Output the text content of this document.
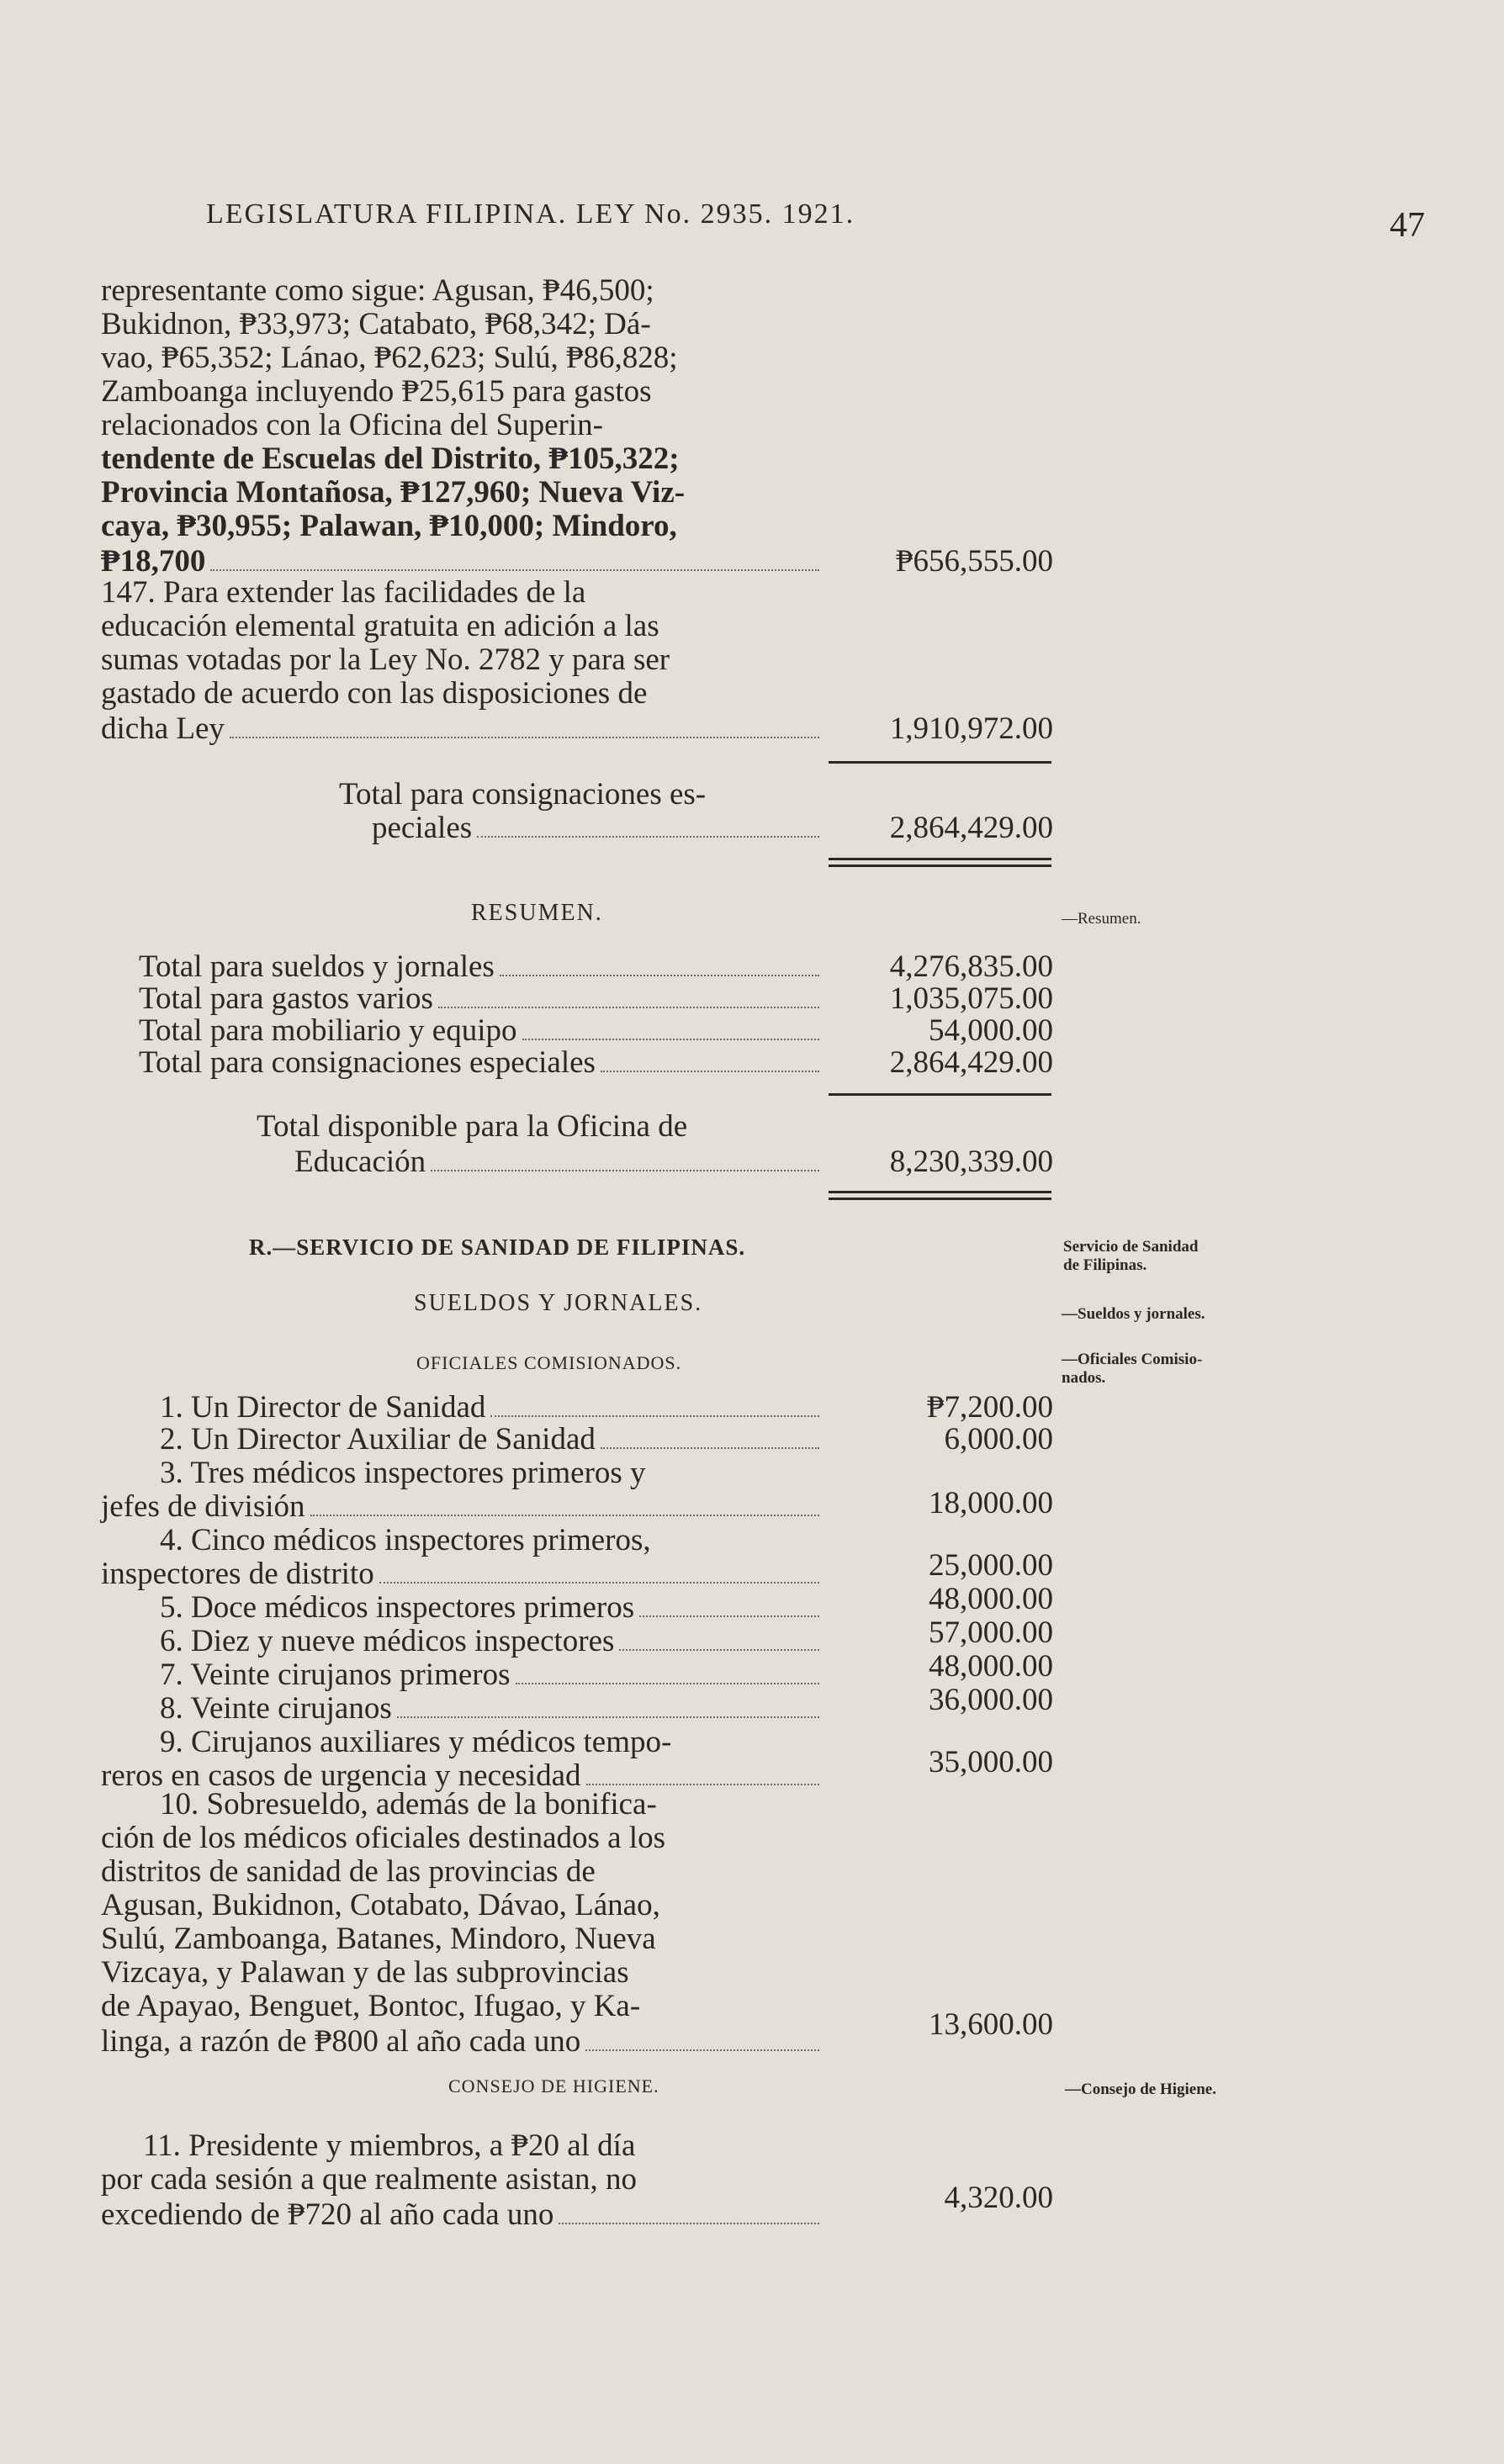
LEGISLATURA FILIPINA. LEY No. 2935. 1921.	47

representante como sigue: Agusan, ₱46,500;

Bukidnon, ₱33,973; Catabato, ₱68,342; Dá-

vao, ₱65,352; Lánao, ₱62,623; Sulú, ₱86,828;

Zamboanga incluyendo ₱25,615 para gastos

relacionados con la Oficina del Superin-

tendente de Escuelas del Distrito, ₱105,322;

Provincia Montañosa, ₱127,960; Nueva Viz-

caya, ₱30,955; Palawan, ₱10,000; Mindoro,

₱18,700	₱656,555.00

147. Para extender las facilidades de la

educación elemental gratuita en adición a las

sumas votadas por la Ley No. 2782 y para ser

gastado de acuerdo con las disposiciones de

dicha Ley	1,910,972.00
Total para consignaciones es-
peciales	2,864,429.00
RESUMEN.	—Resumen.
Total para sueldos y jornales	4,276,835.00
Total para gastos varios	1,035,075.00
Total para mobiliario y equipo	54,000.00
Total para consignaciones especiales	2,864,429.00
Total disponible para la Oficina de
Educación	8,230,339.00
R.—SERVICIO DE SANIDAD DE FILIPINAS.	Servicio de Sanidad
de Filipinas.
SUELDOS Y JORNALES.	—Sueldos y jornales.
OFICIALES COMISIONADOS.	—Oficiales Comisio-
nados.
1. Un Director de Sanidad	₱7,200.00
2. Un Director Auxiliar de Sanidad	6,000.00
3. Tres médicos inspectores primeros y
jefes de división	18,000.00
4. Cinco médicos inspectores primeros,
inspectores de distrito	25,000.00
5. Doce médicos inspectores primeros	48,000.00
6. Diez y nueve médicos inspectores	57,000.00
7. Veinte cirujanos primeros	48,000.00
8. Veinte cirujanos	36,000.00
9. Cirujanos auxiliares y médicos tempo-
reros en casos de urgencia y necesidad	35,000.00

10. Sobresueldo, además de la bonifica-

ción de los médicos oficiales destinados a los

distritos de sanidad de las provincias de

Agusan, Bukidnon, Cotabato, Dávao, Lánao,

Sulú, Zamboanga, Batanes, Mindoro, Nueva

Vizcaya, y Palawan y de las subprovincias

de Apayao, Benguet, Bontoc, Ifugao, y Ka-

linga, a razón de ₱800 al año cada uno	13,600.00
CONSEJO DE HIGIENE.	—Consejo de Higiene.

11. Presidente y miembros, a ₱20 al día

por cada sesión a que realmente asistan, no

excediendo de ₱720 al año cada uno	4,320.00
